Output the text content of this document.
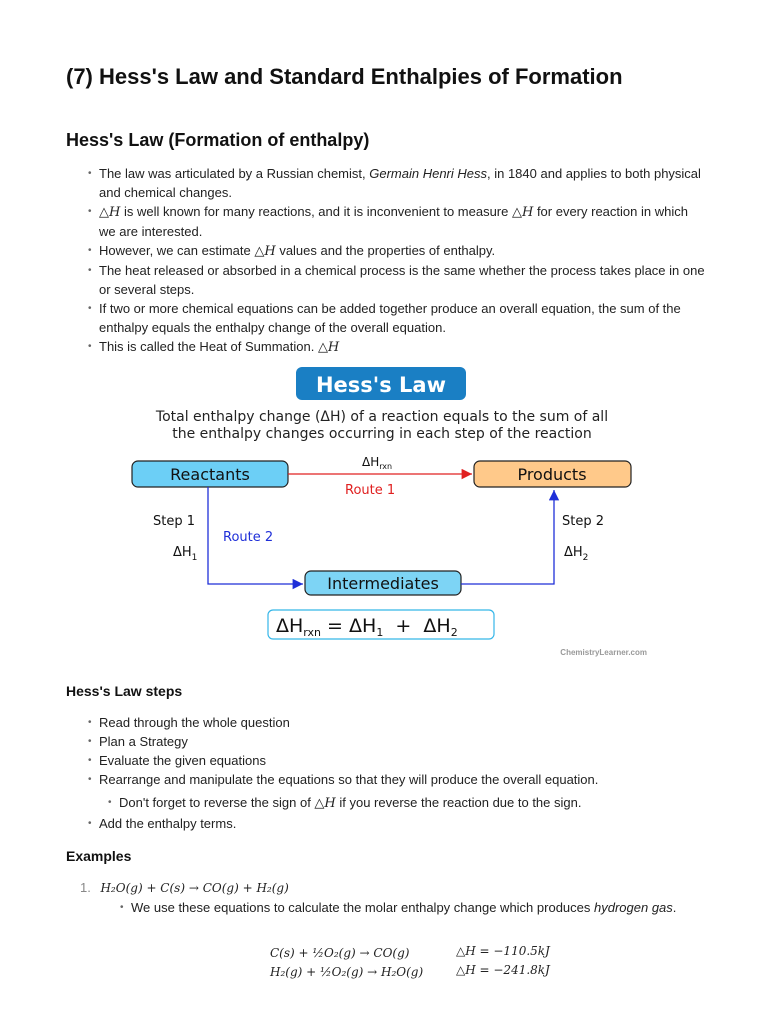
(7) Hess's Law and Standard Enthalpies of Formation
Hess's Law (Formation of enthalpy)
• The law was articulated by a Russian chemist, Germain Henri Hess, in 1840 and applies to both physical and chemical changes.
• △H is well known for many reactions, and it is inconvenient to measure △H for every reaction in which we are interested.
• However, we can estimate △H values and the properties of enthalpy.
• The heat released or absorbed in a chemical process is the same whether the process takes place in one or several steps.
• If two or more chemical equations can be added together produce an overall equation, the sum of the enthalpy equals the enthalpy change of the overall equation.
• This is called the Heat of Summation. △H
Hess's Law
Total enthalpy change (ΔH) of a reaction equals to the sum of all
the enthalpy changes occurring in each step of the reaction
Reactants	Products
Intermediates
$\Delta H_{rxn}$
Route 1
Step 1
$\Delta H_1$
Route 2
Step 2
$\Delta H_2$
$\Delta H_{rxn} = \Delta H_1 + \Delta H_2$
ChemistryLearner.com
Hess's Law steps
• Read through the whole question
• Plan a Strategy
• Evaluate the given equations
• Rearrange and manipulate the equations so that they will produce the overall equation.
• Don't forget to reverse the sign of △H if you reverse the reaction due to the sign.
• Add the enthalpy terms.
Examples
1. H₂O(g) + C(s) → CO(g) + H₂(g)
• We use these equations to calculate the molar enthalpy change which produces hydrogen gas.
C(s) + ½O₂(g) → CO(g)	△H = −110.5kJ
H₂(g) + ½O₂(g) → H₂O(g)	△H = −241.8kJ
